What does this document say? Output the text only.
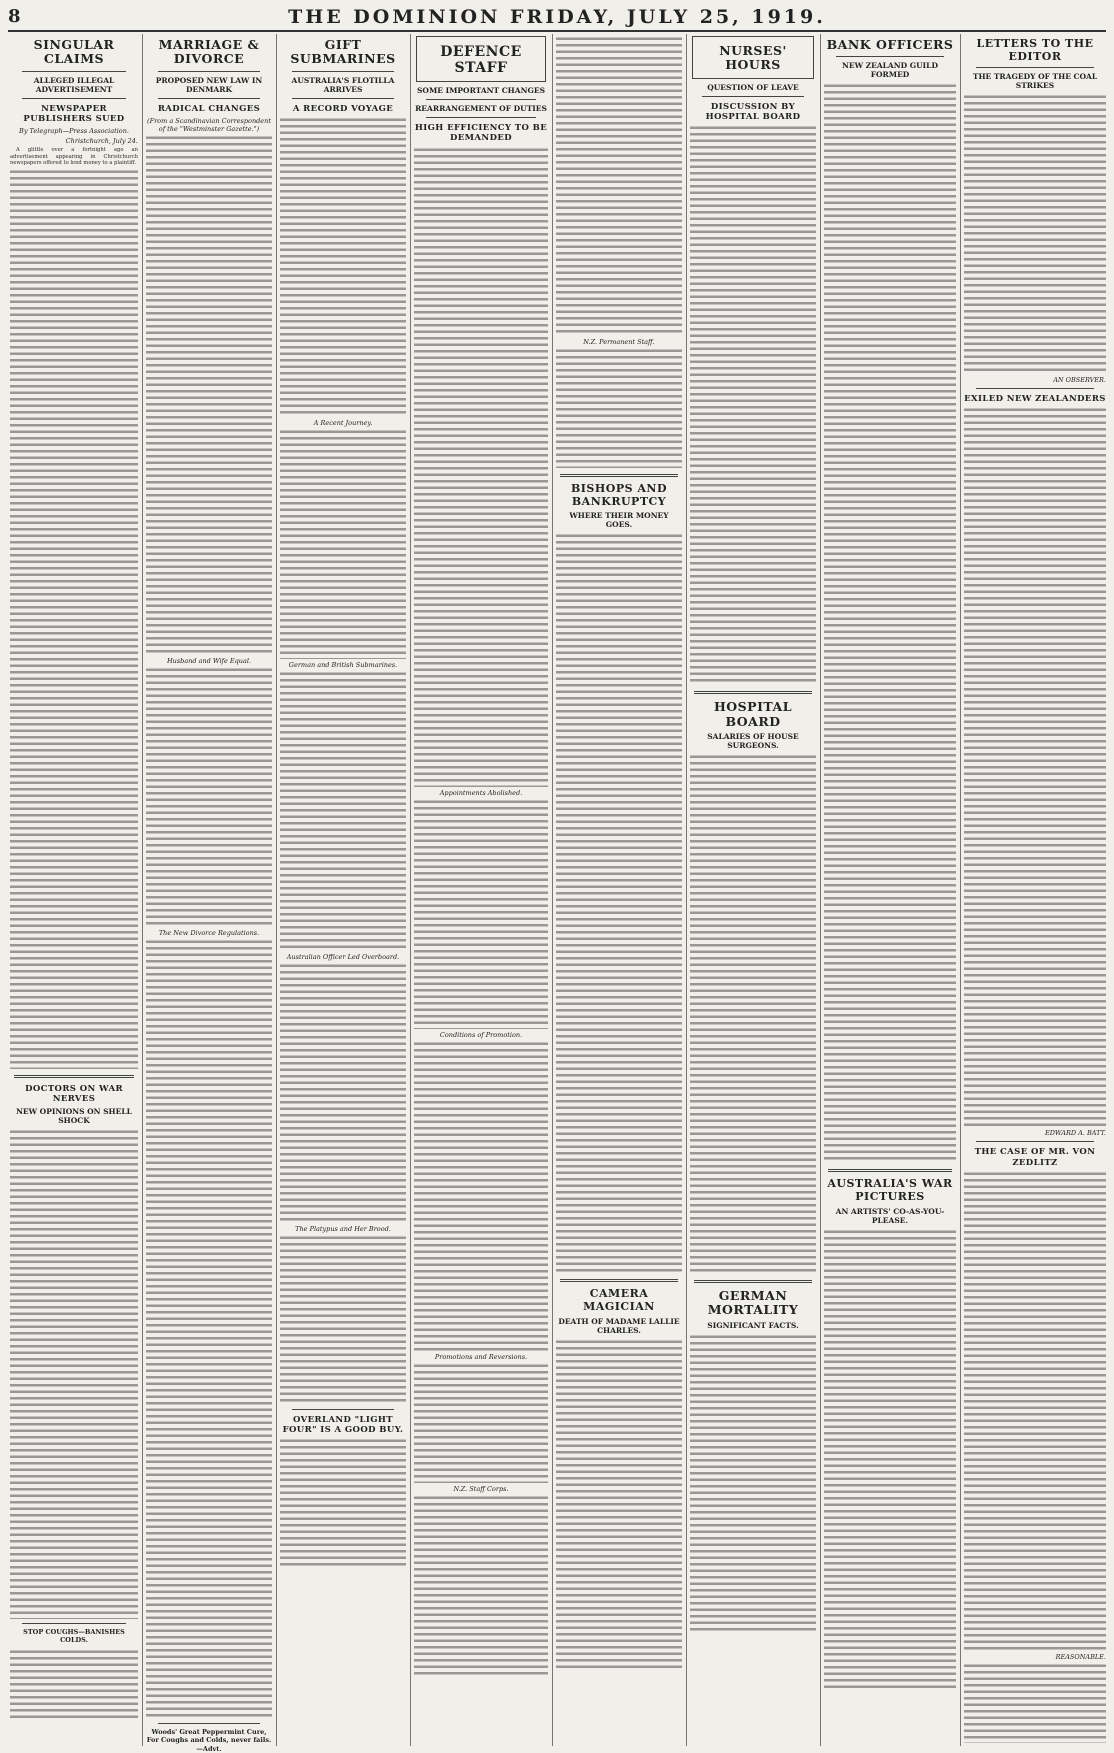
8	THE DOMINION FRIDAY, JULY 25, 1919.
SINGULAR CLAIMS
ALLEGED ILLEGAL ADVERTISEMENT
NEWSPAPER PUBLISHERS SUED
By Telegraph—Press Association.
Christchurch, July 24.

A glittle over a fortnight ago an advertisement appearing in Christchurch newspapers offered to lend money to a plaintiff.

DOCTORS ON WAR NERVES
NEW OPINIONS ON SHELL SHOCK
STOP COUGHS—BANISHES COLDS.
MARRIAGE & DIVORCE
PROPOSED NEW LAW IN DENMARK
RADICAL CHANGES
(From a Scandinavian Correspondent of the "Westminster Gazette.")
Husband and Wife Equal.
The New Divorce Regulations.
Woods' Great Peppermint Cure, For Coughs and Colds, never fails.—Advt.
GIFT SUBMARINES
AUSTRALIA'S FLOTILLA ARRIVES
A RECORD VOYAGE
A Recent Journey.
German and British Submarines.
Australian Officer Led Overboard.
The Platypus and Her Brood.
OVERLAND "LIGHT FOUR" IS A GOOD BUY.
DEFENCE STAFF
SOME IMPORTANT CHANGES
REARRANGEMENT OF DUTIES
HIGH EFFICIENCY TO BE DEMANDED
Appointments Abolished.
Conditions of Promotion.
Promotions and Reversions.
N.Z. Staff Corps.
N.Z. Permanent Staff.
BISHOPS AND BANKRUPTCY
WHERE THEIR MONEY GOES.
CAMERA MAGICIAN
DEATH OF MADAME LALLIE CHARLES.
NURSES' HOURS
QUESTION OF LEAVE
DISCUSSION BY HOSPITAL BOARD
HOSPITAL BOARD
SALARIES OF HOUSE SURGEONS.
GERMAN MORTALITY
SIGNIFICANT FACTS.
BANK OFFICERS
NEW ZEALAND GUILD FORMED
AUSTRALIA'S WAR PICTURES
AN ARTISTS' CO-AS-YOU-PLEASE.
LETTERS TO THE EDITOR
THE TRAGEDY OF THE COAL STRIKES
AN OBSERVER.
EXILED NEW ZEALANDERS
EDWARD A. BATT.
THE CASE OF MR. VON ZEDLITZ
REASONABLE.
